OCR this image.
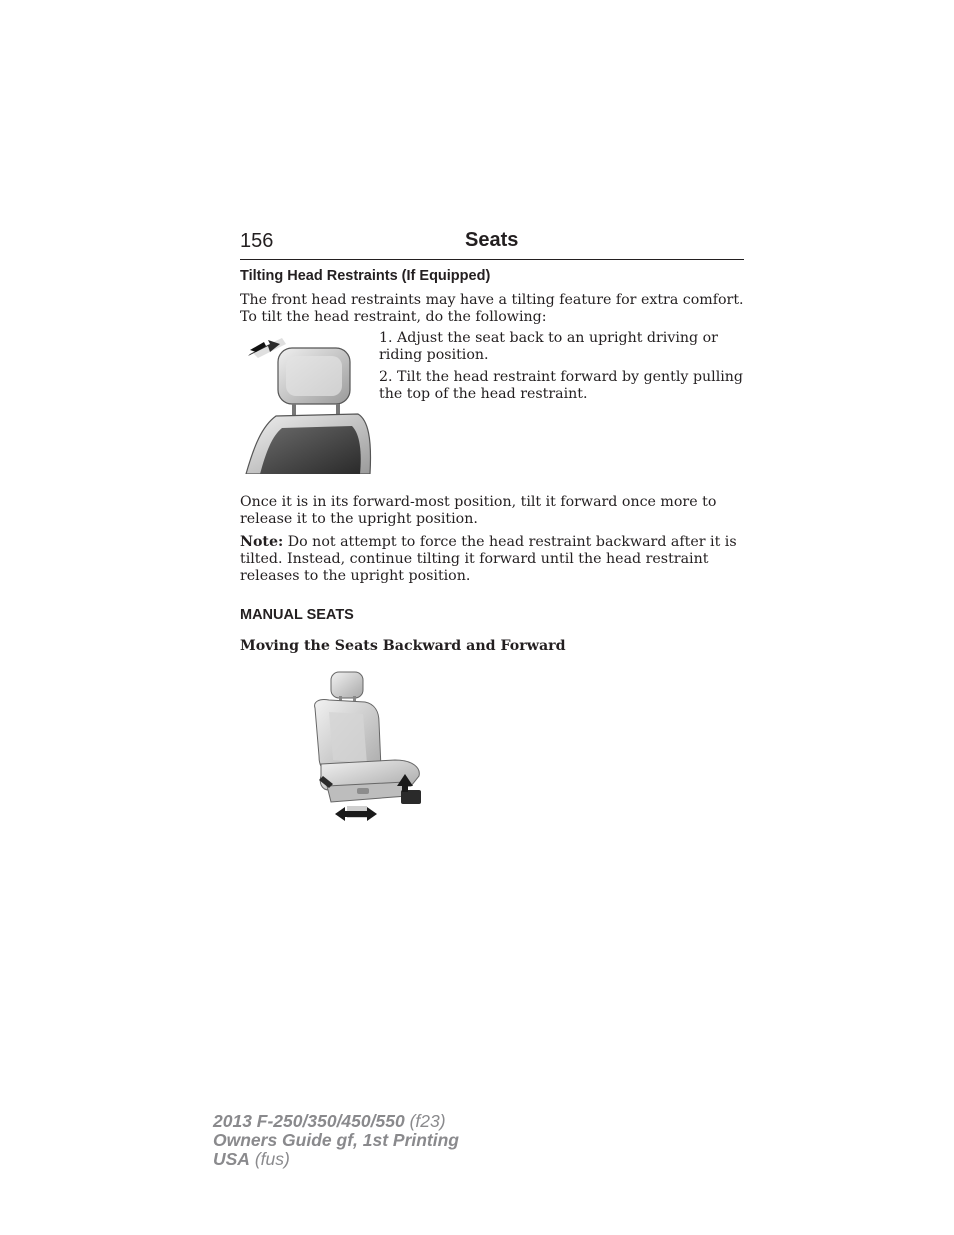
156	Seats
Tilting Head Restraints (If Equipped)
The front head restraints may have a tilting feature for extra comfort. To tilt the head restraint, do the following:
1. Adjust the seat back to an upright driving or riding position.
2. Tilt the head restraint forward by gently pulling the top of the head restraint.
Once it is in its forward-most position, tilt it forward once more to release it to the upright position.
Note: Do not attempt to force the head restraint backward after it is tilted. Instead, continue tilting it forward until the head restraint releases to the upright position.
MANUAL SEATS
Moving the Seats Backward and Forward
2013 F-250/350/450/550 (f23)
Owners Guide gf, 1st Printing
USA (fus)
